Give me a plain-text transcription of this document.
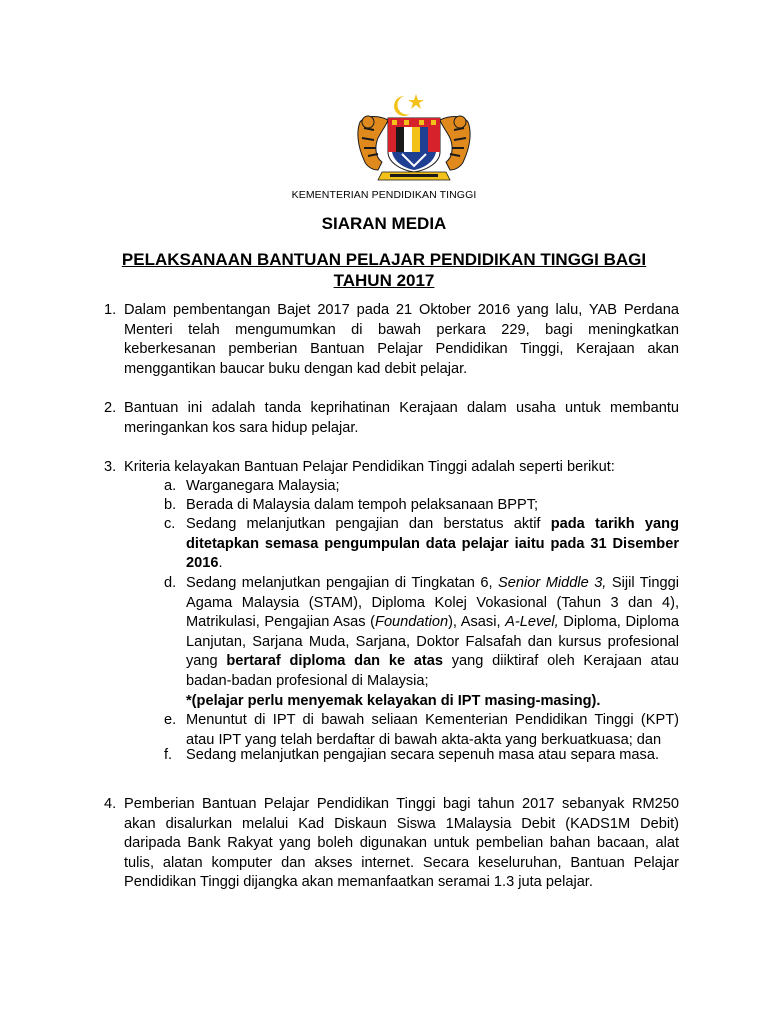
KEMENTERIAN PENDIDIKAN TINGGI
SIARAN MEDIA
PELAKSANAAN BANTUAN PELAJAR PENDIDIKAN TINGGI BAGI
TAHUN 2017
1. Dalam pembentangan Bajet 2017 pada 21 Oktober 2016 yang lalu, YAB Perdana Menteri telah mengumumkan di bawah perkara 229, bagi meningkatkan keberkesanan pemberian Bantuan Pelajar Pendidikan Tinggi, Kerajaan akan menggantikan baucar buku dengan kad debit pelajar.

2. Bantuan ini adalah tanda keprihatinan Kerajaan dalam usaha untuk membantu meringankan kos sara hidup pelajar.

3. Kriteria kelayakan Bantuan Pelajar Pendidikan Tinggi adalah seperti berikut:

a. Warganegara Malaysia;
b. Berada di Malaysia dalam tempoh pelaksanaan BPPT;
c. Sedang melanjutkan pengajian dan berstatus aktif pada tarikh yang ditetapkan semasa pengumpulan data pelajar iaitu pada 31 Disember 2016.

d. Sedang melanjutkan pengajian di Tingkatan 6, Senior Middle 3, Sijil Tinggi Agama Malaysia (STAM), Diploma Kolej Vokasional (Tahun 3 dan 4), Matrikulasi, Pengajian Asas (Foundation), Asasi, A-Level, Diploma, Diploma Lanjutan, Sarjana Muda, Sarjana, Doktor Falsafah dan kursus profesional yang bertaraf diploma dan ke atas yang diiktiraf oleh Kerajaan atau badan-badan profesional di Malaysia;

*(pelajar perlu menyemak kelayakan di IPT masing-masing).

e. Menuntut di IPT di bawah seliaan Kementerian Pendidikan Tinggi (KPT) atau IPT yang telah berdaftar di bawah akta-akta yang berkuatkuasa; dan

f. Sedang melanjutkan pengajian secara sepenuh masa atau separa masa.
4. Pemberian Bantuan Pelajar Pendidikan Tinggi bagi tahun 2017 sebanyak RM250 akan disalurkan melalui Kad Diskaun Siswa 1Malaysia Debit (KADS1M Debit) daripada Bank Rakyat yang boleh digunakan untuk pembelian bahan bacaan, alat tulis, alatan komputer dan akses internet. Secara keseluruhan, Bantuan Pelajar Pendidikan Tinggi dijangka akan memanfaatkan seramai 1.3 juta pelajar.
